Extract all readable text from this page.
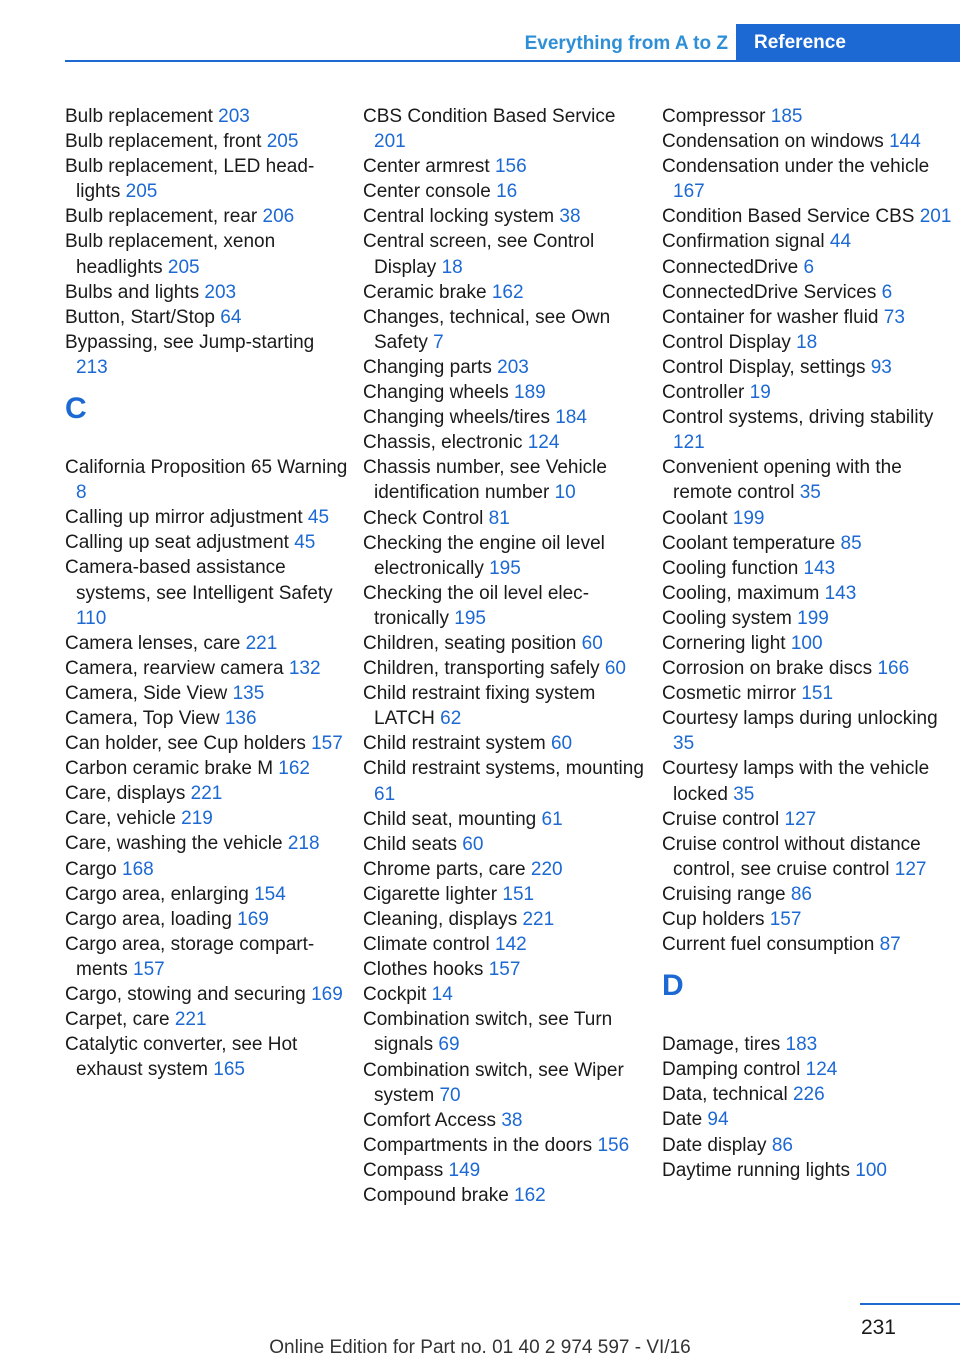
Everything from A to Z	Reference
Bulb replacement 203
Bulb replacement, front 205
Bulb replacement, LED headlights 205
Bulb replacement, rear 206
Bulb replacement, xenon headlights 205
Bulbs and lights 203
Button, Start/Stop 64
Bypassing, see Jump-starting 213
C
California Proposition 65 Warning 8
Calling up mirror adjustment 45
Calling up seat adjustment 45
Camera-based assistance systems, see Intelligent Safety 110
Camera lenses, care 221
Camera, rearview camera 132
Camera, Side View 135
Camera, Top View 136
Can holder, see Cup holders 157
Carbon ceramic brake M 162
Care, displays 221
Care, vehicle 219
Care, washing the vehicle 218
Cargo 168
Cargo area, enlarging 154
Cargo area, loading 169
Cargo area, storage compartments 157
Cargo, stowing and securing 169
Carpet, care 221
Catalytic converter, see Hot exhaust system 165
CBS Condition Based Service 201
Center armrest 156
Center console 16
Central locking system 38
Central screen, see Control Display 18
Ceramic brake 162
Changes, technical, see Own Safety 7
Changing parts 203
Changing wheels 189
Changing wheels/tires 184
Chassis, electronic 124
Chassis number, see Vehicle identification number 10
Check Control 81
Checking the engine oil level electronically 195
Checking the oil level electronically 195
Children, seating position 60
Children, transporting safely 60
Child restraint fixing system LATCH 62
Child restraint system 60
Child restraint systems, mounting 61
Child seat, mounting 61
Child seats 60
Chrome parts, care 220
Cigarette lighter 151
Cleaning, displays 221
Climate control 142
Clothes hooks 157
Cockpit 14
Combination switch, see Turn signals 69
Combination switch, see Wiper system 70
Comfort Access 38
Compartments in the doors 156
Compass 149
Compound brake 162
Compressor 185
Condensation on windows 144
Condensation under the vehicle 167
Condition Based Service CBS 201
Confirmation signal 44
ConnectedDrive 6
ConnectedDrive Services 6
Container for washer fluid 73
Control Display 18
Control Display, settings 93
Controller 19
Control systems, driving stability 121
Convenient opening with the remote control 35
Coolant 199
Coolant temperature 85
Cooling function 143
Cooling, maximum 143
Cooling system 199
Cornering light 100
Corrosion on brake discs 166
Cosmetic mirror 151
Courtesy lamps during unlocking 35
Courtesy lamps with the vehicle locked 35
Cruise control 127
Cruise control without distance control, see cruise control 127
Cruising range 86
Cup holders 157
Current fuel consumption 87
D
Damage, tires 183
Damping control 124
Data, technical 226
Date 94
Date display 86
Daytime running lights 100
231
Online Edition for Part no. 01 40 2 974 597 - VI/16
